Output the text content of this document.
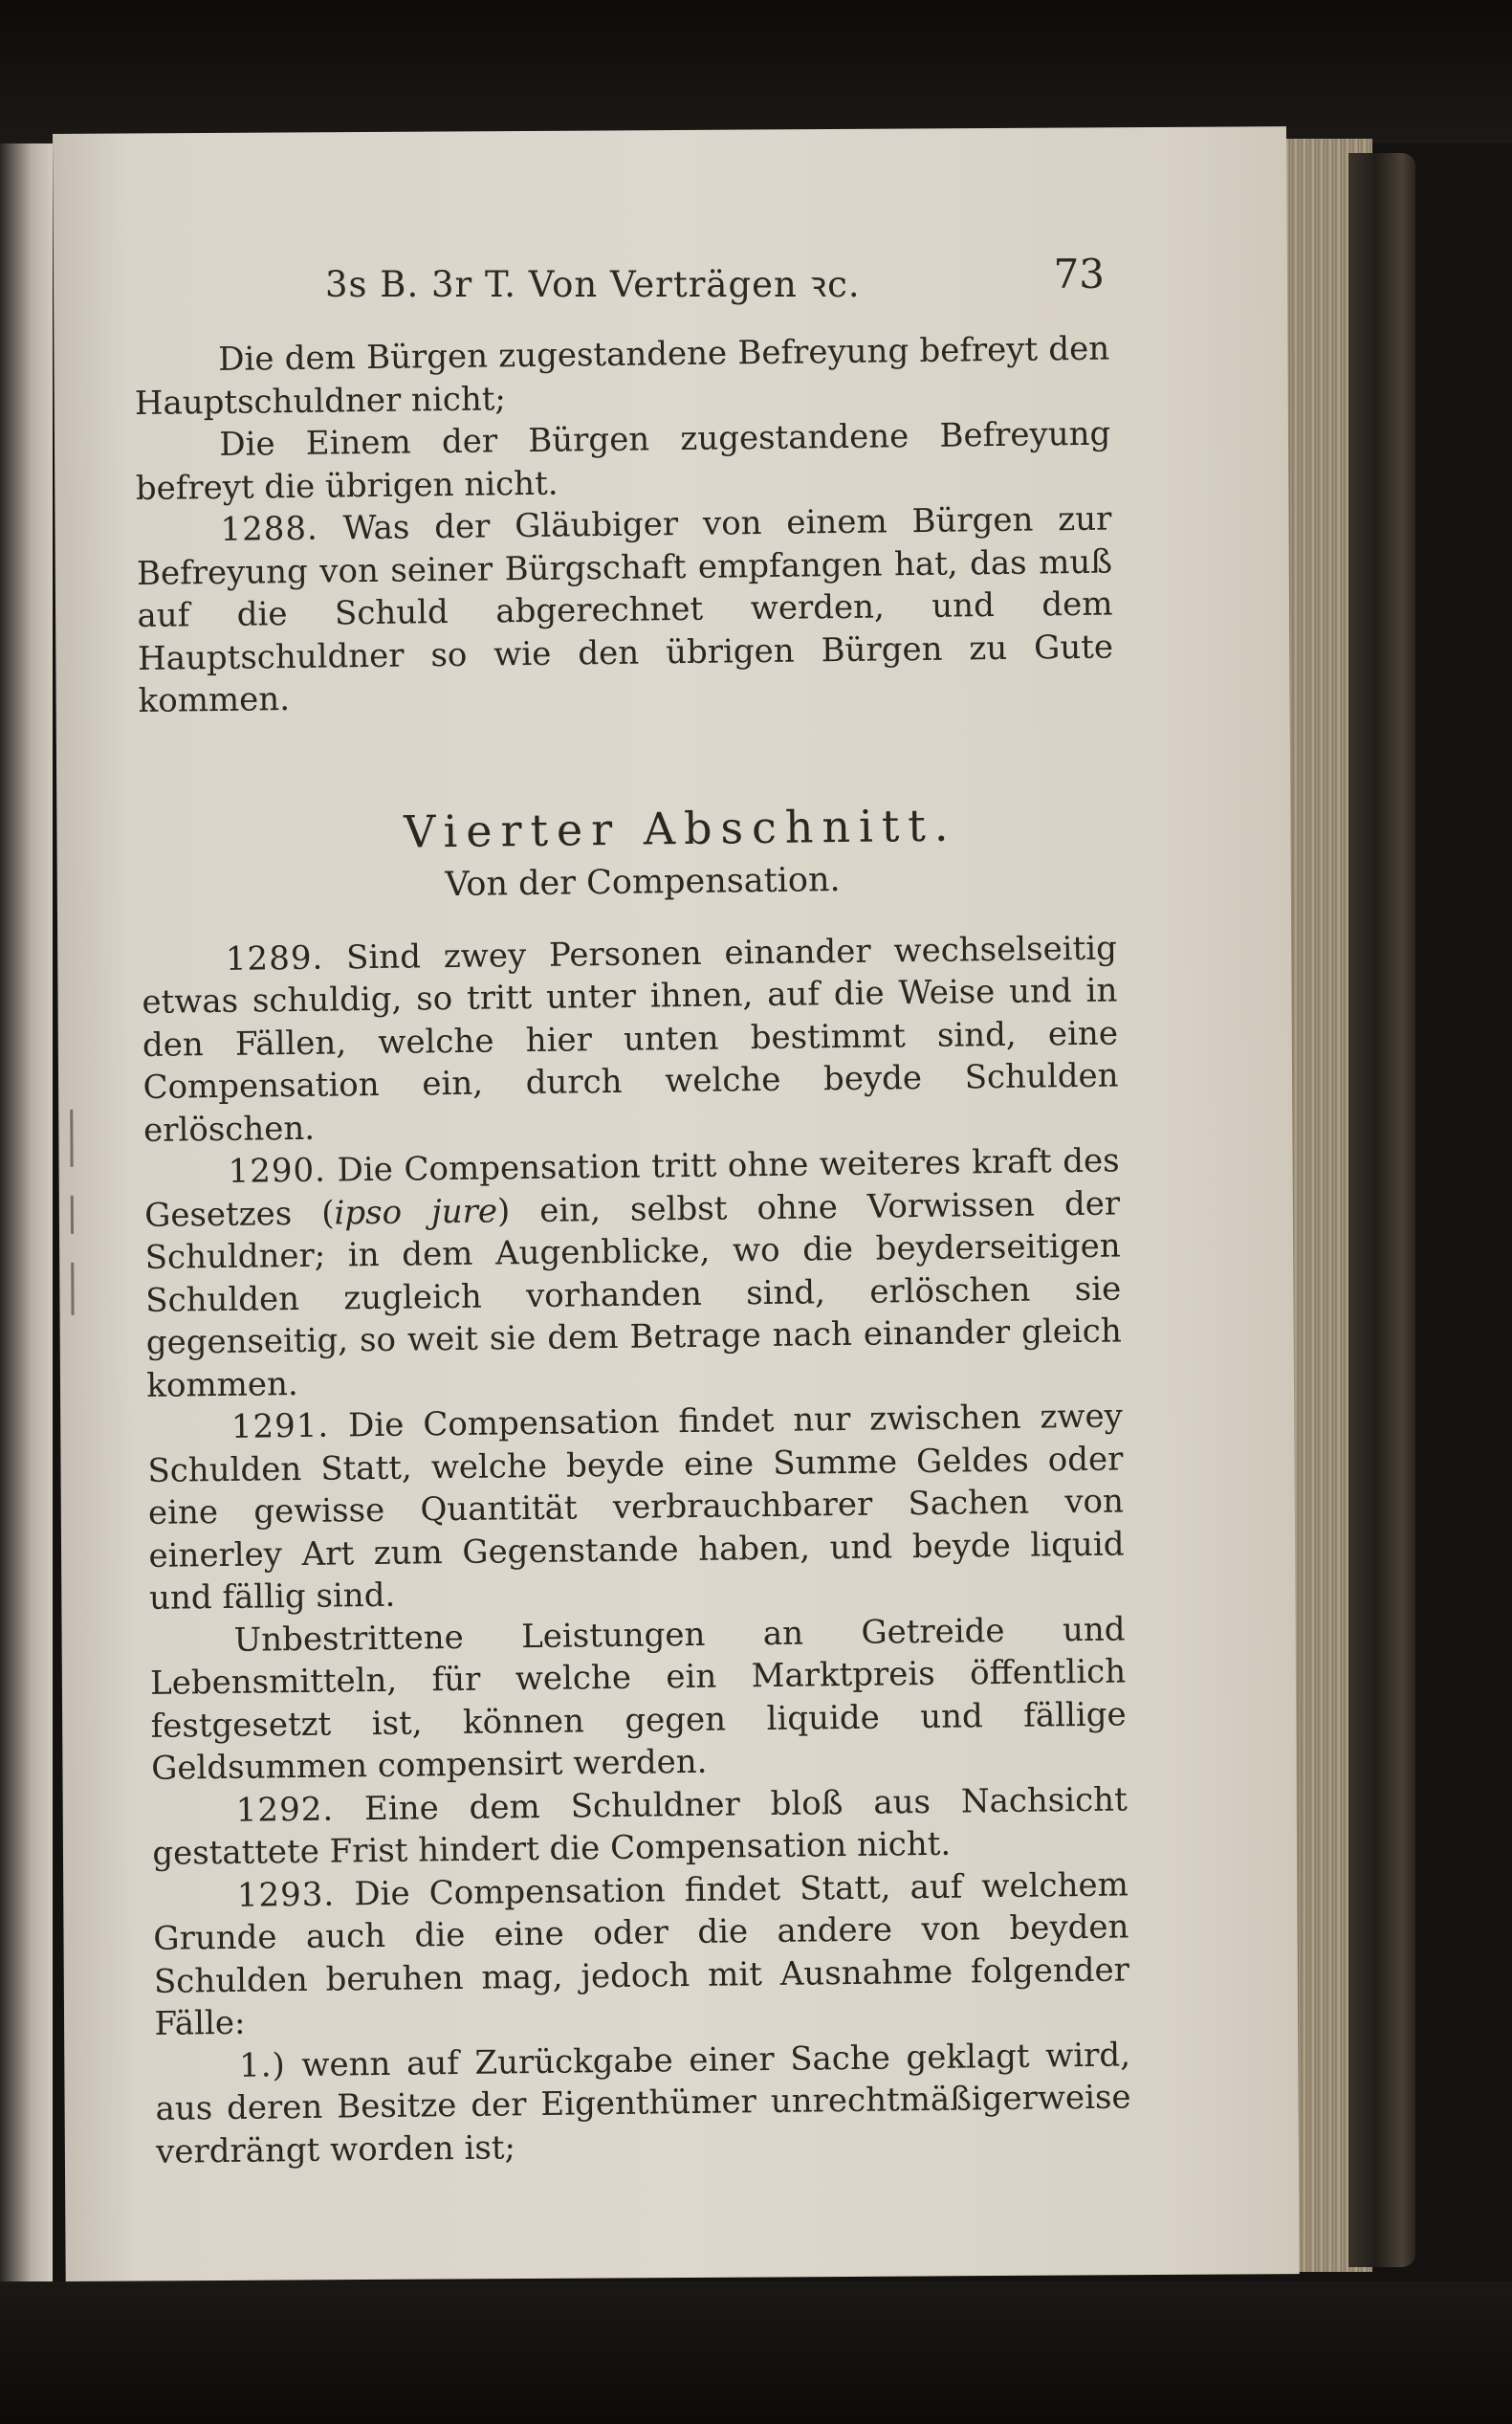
3s B. 3r T. Von Verträgen ꝛc.	73

Die dem Bürgen zugestandene Befreyung befreyt den Hauptschuldner nicht;

Die Einem der Bürgen zugestandene Befreyung befreyt die übrigen nicht.

1288. Was der Gläubiger von einem Bürgen zur Befreyung von seiner Bürgschaft empfangen hat, das muß auf die Schuld abgerechnet werden, und dem Hauptschuldner so wie den übrigen Bürgen zu Gute kommen.

Vierter Abschnitt.
Von der Compensation.

1289. Sind zwey Personen einander wechselseitig etwas schuldig, so tritt unter ihnen, auf die Weise und in den Fällen, welche hier unten bestimmt sind, eine Compensation ein, durch welche beyde Schulden erlöschen.

1290. Die Compensation tritt ohne weiteres kraft des Gesetzes (ipso jure) ein, selbst ohne Vorwissen der Schuldner; in dem Augenblicke, wo die beyderseitigen Schulden zugleich vorhanden sind, erlöschen sie gegenseitig, so weit sie dem Betrage nach einander gleich kommen.

1291. Die Compensation findet nur zwischen zwey Schulden Statt, welche beyde eine Summe Geldes oder eine gewisse Quantität verbrauchbarer Sachen von einerley Art zum Gegenstande haben, und beyde liquid und fällig sind.

Unbestrittene Leistungen an Getreide und Lebensmitteln, für welche ein Marktpreis öffentlich festgesetzt ist, können gegen liquide und fällige Geldsummen compensirt werden.

1292. Eine dem Schuldner bloß aus Nachsicht gestattete Frist hindert die Compensation nicht.

1293. Die Compensation findet Statt, auf welchem Grunde auch die eine oder die andere von beyden Schulden beruhen mag, jedoch mit Ausnahme folgender Fälle:

1.) wenn auf Zurückgabe einer Sache geklagt wird, aus deren Besitze der Eigenthümer unrechtmäßigerweise verdrängt worden ist;
